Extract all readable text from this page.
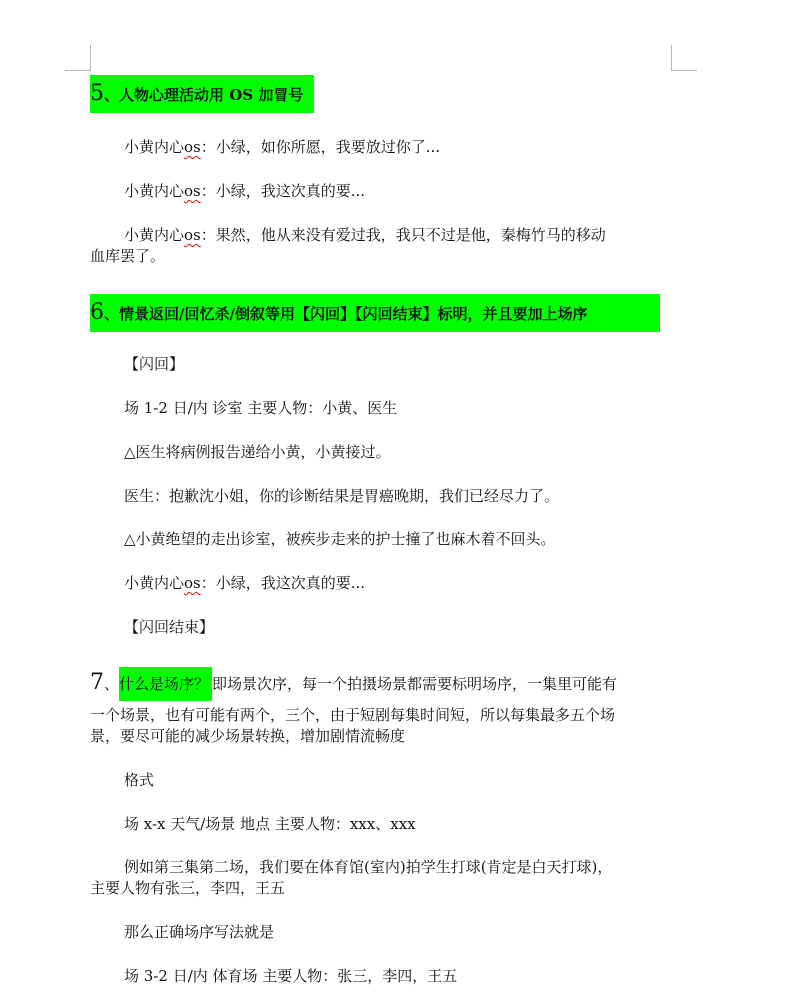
5、人物心理活动用 OS 加冒号
小黄内心os：小绿，如你所愿，我要放过你了...
小黄内心os：小绿，我这次真的要...
小黄内心os：果然，他从来没有爱过我，我只不过是他，秦梅竹马的移动
血库罢了。
6、情景返回/回忆杀/倒叙等用【闪回】【闪回结束】标明，并且要加上场序
【闪回】
场 1-2 日/内 诊室 主要人物：小黄、医生
△医生将病例报告递给小黄，小黄接过。
医生：抱歉沈小姐，你的诊断结果是胃癌晚期，我们已经尽力了。
△小黄绝望的走出诊室，被疾步走来的护士撞了也麻木着不回头。
小黄内心os：小绿，我这次真的要...
【闪回结束】
7、什么是场序？ 即场景次序，每一个拍摄场景都需要标明场序，一集里可能有
一个场景，也有可能有两个，三个，由于短剧每集时间短，所以每集最多五个场
景，要尽可能的减少场景转换，增加剧情流畅度
格式
场 x-x 天气/场景 地点 主要人物：xxx、xxx
例如第三集第二场，我们要在体育馆(室内)拍学生打球(肯定是白天打球)，
主要人物有张三，李四，王五
那么正确场序写法就是
场 3-2 日/内 体育场 主要人物：张三，李四，王五
